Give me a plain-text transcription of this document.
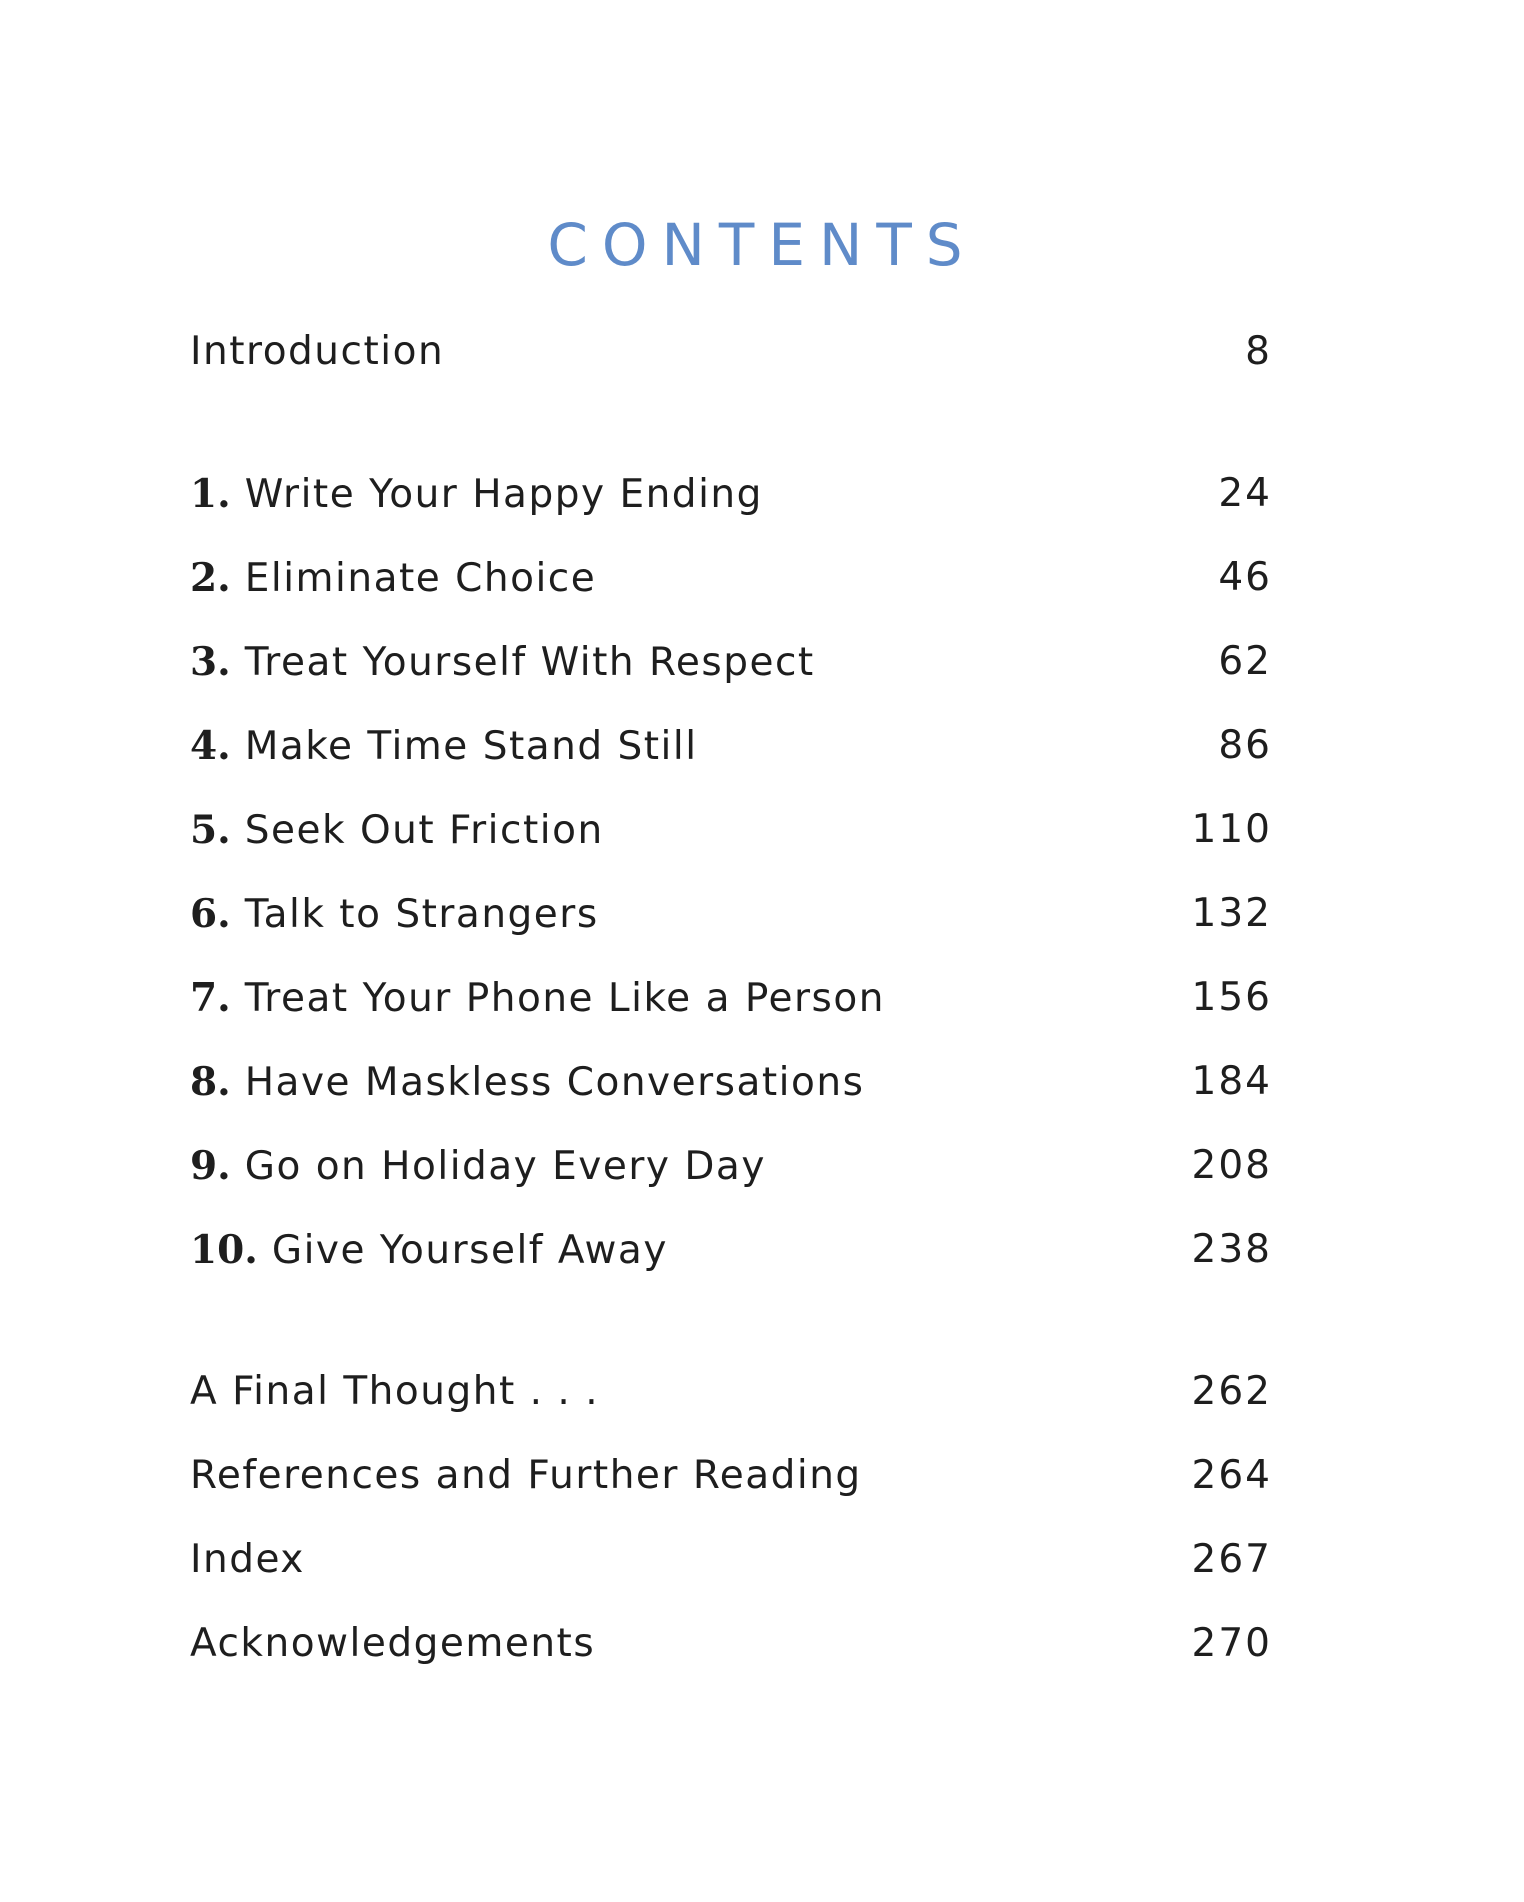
CONTENTS
Introduction	8
1. Write Your Happy Ending	24
2. Eliminate Choice	46
3. Treat Yourself With Respect	62
4. Make Time Stand Still	86
5. Seek Out Friction	110
6. Talk to Strangers	132
7. Treat Your Phone Like a Person	156
8. Have Maskless Conversations	184
9. Go on Holiday Every Day	208
10. Give Yourself Away	238
A Final Thought . . .	262
References and Further Reading	264
Index	267
Acknowledgements	270
